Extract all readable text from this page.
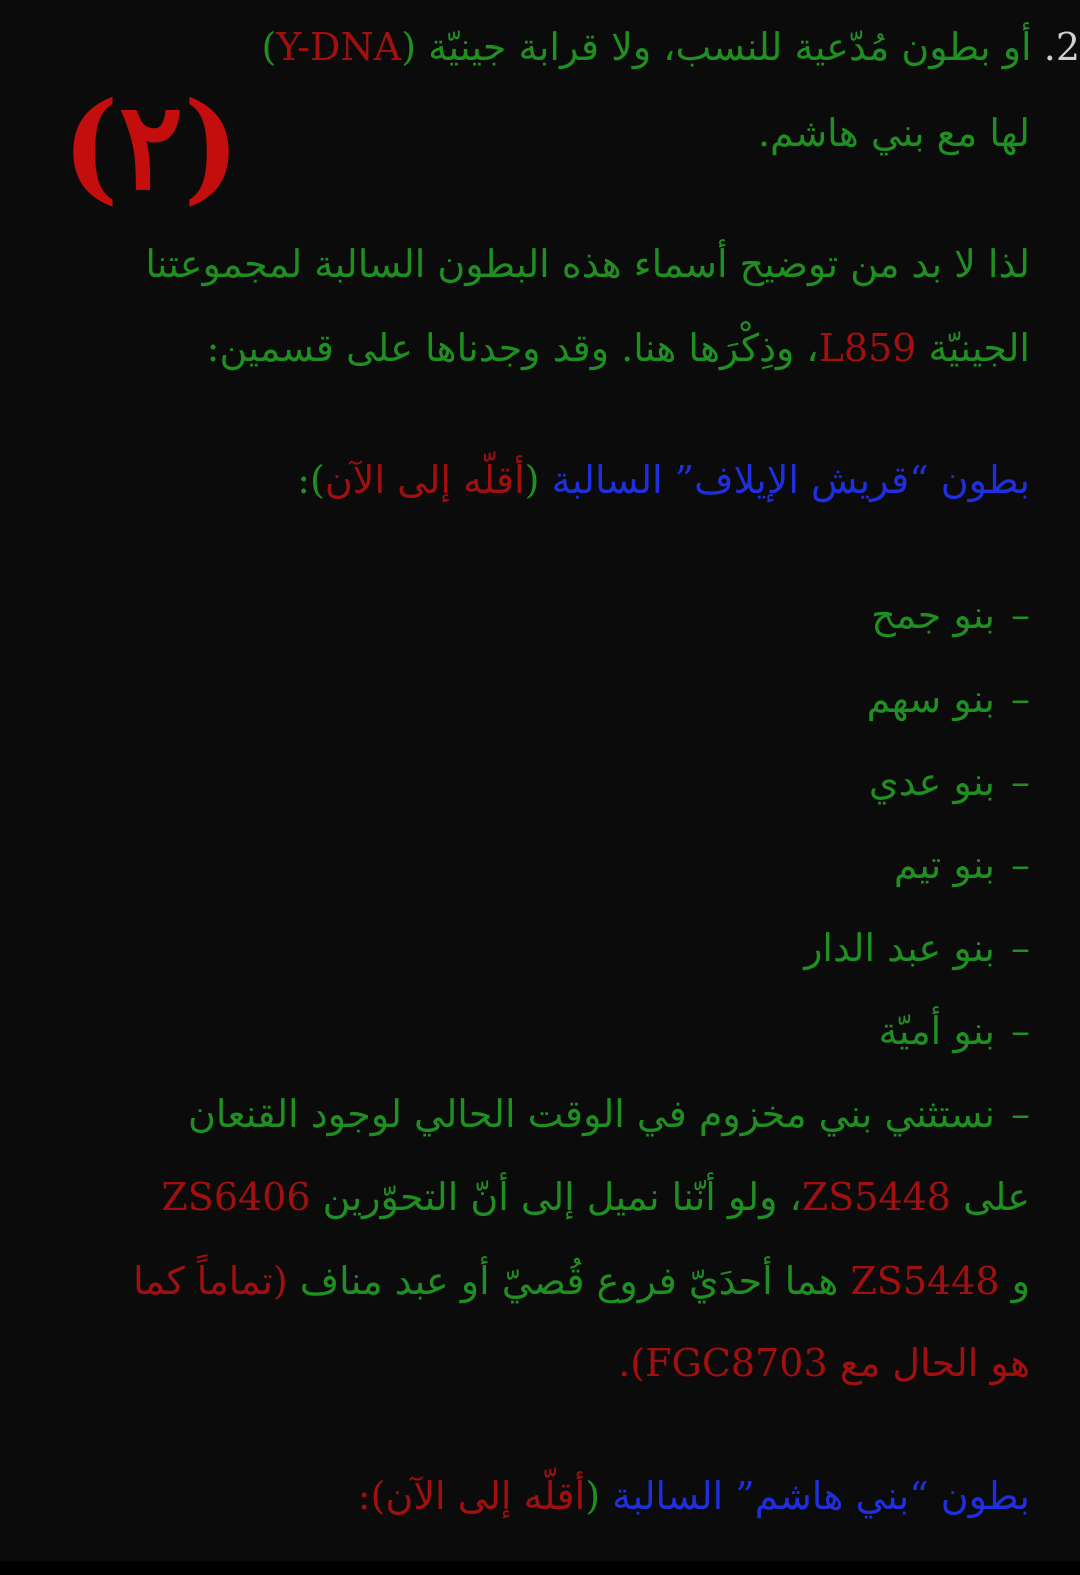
(٢)
2. أو بطون مُدّعية للنسب، ولا قرابة جينيّة (Y-DNA)
لها مع بني هاشم.
لذا لا بد من توضيح أسماء هذه البطون السالبة لمجموعتنا
الجينيّة L859، وذِكْرَها هنا. وقد وجدناها على قسمين:
بطون “قريش الإيلاف” السالبة (أقلّه إلى الآن):
–بنو جمح
–بنو سهم
–بنو عدي
–بنو تيم
–بنو عبد الدار
–بنو أميّة
–نستثني بني مخزوم في الوقت الحالي لوجود القنعان
على ZS5448، ولو أنّنا نميل إلى أنّ التحوّرين ZS6406
و ZS5448 هما أحدَيّ فروع قُصيّ أو عبد مناف (تماماً كما
هو الحال مع FGC8703).
بطون “بني هاشم” السالبة (أقلّه إلى الآن):
